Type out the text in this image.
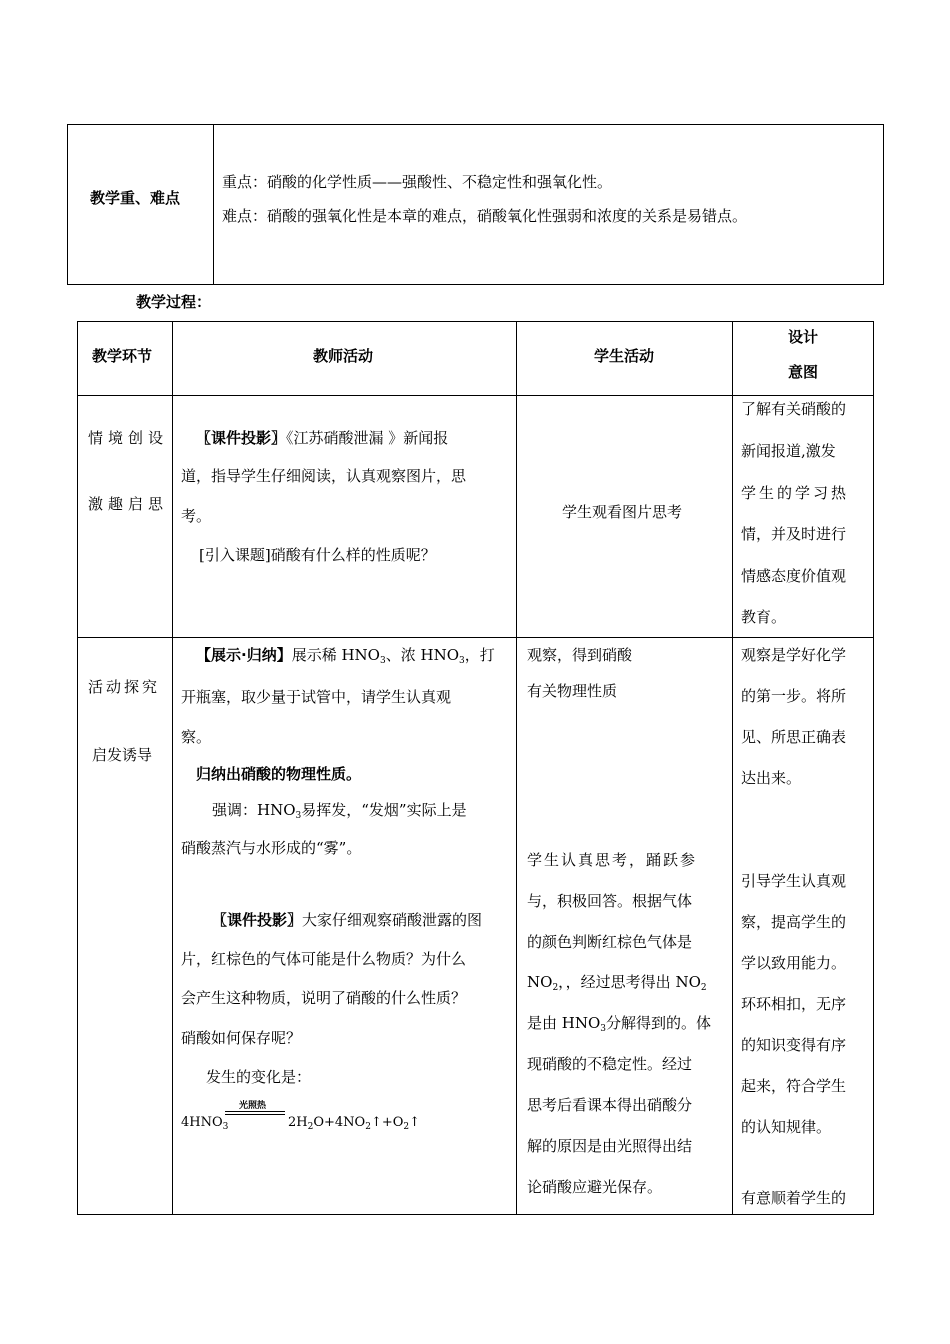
教学重、难点
重点：硝酸的化学性质——强酸性、不稳定性和强氧化性。
难点：硝酸的强氧化性是本章的难点，硝酸氧化性强弱和浓度的关系是易错点。
教学过程：
教学环节	教师活动	学生活动
设计
意图
情境创设
激趣启思
〖课件投影〗《江苏硝酸泄漏 》新闻报
道，指导学生仔细阅读，认真观察图片，思
考。
[引入课题]硝酸有什么样的性质呢？
学生观看图片思考
了解有关硝酸的
新闻报道,激发
学生的学习热
情，并及时进行
情感态度价值观
教育。
活动探究
启发诱导
【展示·归纳】展示稀 $HNO_3$、浓 $HNO_3$，打
开瓶塞，取少量于试管中，请学生认真观
察。
归纳出硝酸的物理性质。
强调：$HNO_3$易挥发，“发烟”实际上是
硝酸蒸汽与水形成的“雾”。
〖课件投影〗大家仔细观察硝酸泄露的图
片，红棕色的气体可能是什么物质？为什么
会产生这种物质，说明了硝酸的什么性质？
硝酸如何保存呢？
发生的变化是：
$4HNO_3$
光照热
$2H_2O+4NO_2↑+O_2↑$
观察，得到硝酸
有关物理性质
学生认真思考，踊跃参
与，积极回答。根据气体
的颜色判断红棕色气体是
$NO_2$，，经过思考得出 $NO_2$
是由 $HNO_3$分解得到的。体
现硝酸的不稳定性。经过
思考后看课本得出硝酸分
解的原因是由光照得出结
论硝酸应避光保存。
观察是学好化学
的第一步。将所
见、所思正确表
达出来。
引导学生认真观
察，提高学生的
学以致用能力。
环环相扣，无序
的知识变得有序
起来，符合学生
的认知规律。
有意顺着学生的
